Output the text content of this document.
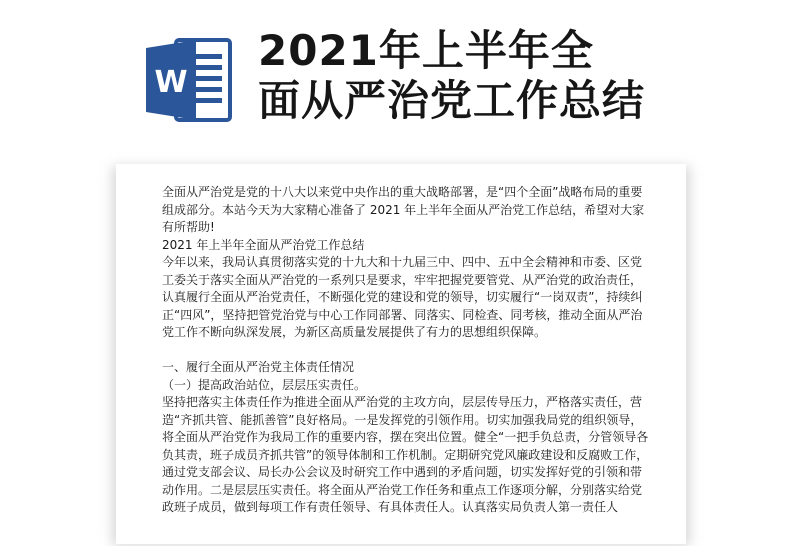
W
2021年上半年全
面从严治党工作总结

全面从严治党是党的十八大以来党中央作出的重大战略部署，是“四个全面”战略布局的重要组成部分。本站今天为大家精心准备了 2021 年上半年全面从严治党工作总结，希望对大家有所帮助!

2021 年上半年全面从严治党工作总结

今年以来，我局认真贯彻落实党的十九大和十九届三中、四中、五中全会精神和市委、区党工委关于落实全面从严治党的一系列只是要求，牢牢把握党要管党、从严治党的政治责任，认真履行全面从严治党责任，不断强化党的建设和党的领导，切实履行“一岗双责”，持续纠正“四风”，坚持把管党治党与中心工作同部署、同落实、同检查、同考核，推动全面从严治党工作不断向纵深发展，为新区高质量发展提供了有力的思想组织保障。

一、履行全面从严治党主体责任情况

（一）提高政治站位，层层压实责任。

坚持把落实主体责任作为推进全面从严治党的主攻方向，层层传导压力，严格落实责任，营造“齐抓共管、能抓善管”良好格局。一是发挥党的引领作用。切实加强我局党的组织领导，将全面从严治党作为我局工作的重要内容，摆在突出位置。健全“一把手负总责，分管领导各负其责，班子成员齐抓共管”的领导体制和工作机制。定期研究党风廉政建设和反腐败工作，通过党支部会议、局长办公会议及时研究工作中遇到的矛盾问题，切实发挥好党的引领和带动作用。二是层层压实责任。将全面从严治党工作任务和重点工作逐项分解，分别落实给党政班子成员，做到每项工作有责任领导、有具体责任人。认真落实局负责人第一责任人
